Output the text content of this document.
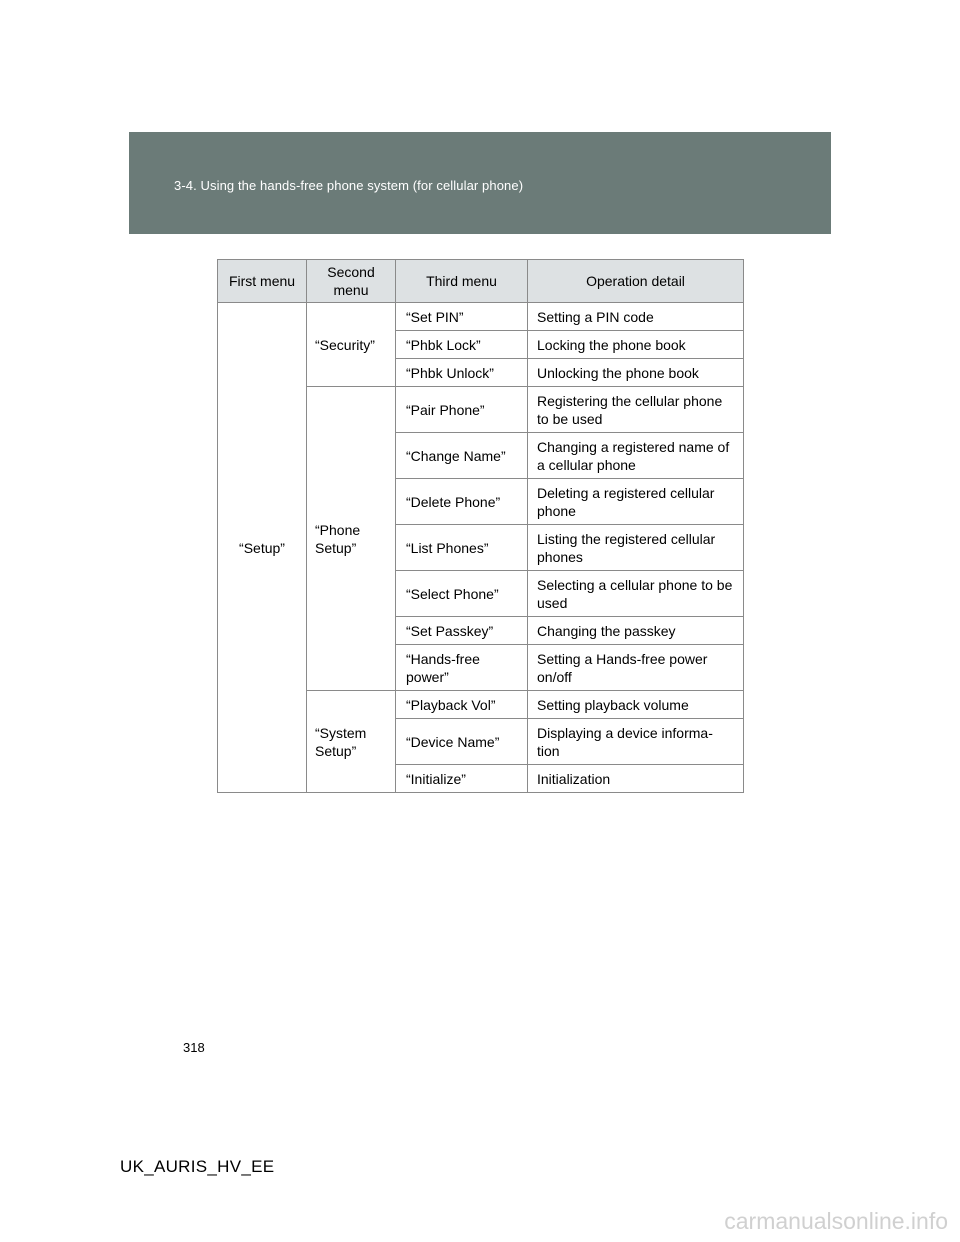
3-4. Using the hands-free phone system (for cellular phone)
First menu	Second menu	Third menu	Operation detail
“Setup”	“Security”	“Set PIN”	Setting a PIN code
		“Phbk Lock”	Locking the phone book
		“Phbk Unlock”	Unlocking the phone book
	“Phone Setup”	“Pair Phone”	Registering the cellular phone to be used
		“Change Name”	Changing a registered name of a cellular phone
		“Delete Phone”	Deleting a registered cellular phone
		“List Phones”	Listing the registered cellular phones
		“Select Phone”	Selecting a cellular phone to be used
		“Set Passkey”	Changing the passkey
		“Hands-free power”	Setting a Hands-free power on/off
	“System Setup”	“Playback Vol”	Setting playback volume
		“Device Name”	Displaying a device informa-tion
		“Initialize”	Initialization
318
UK_AURIS_HV_EE
carmanualsonline.info
